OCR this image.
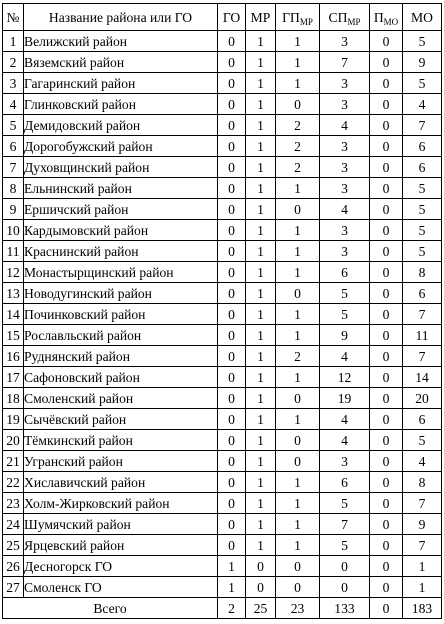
№	Название района или ГО	ГО	МР	$ГП_{МР}$	$СП_{МР}$	$П_{МО}$	МО
1	Велижский район	0	1	1	3	0	5
2	Вяземский район	0	1	1	7	0	9
3	Гагаринский район	0	1	1	3	0	5
4	Глинковский район	0	1	0	3	0	4
5	Демидовский район	0	1	2	4	0	7
6	Дорогобужский район	0	1	2	3	0	6
7	Духовщинский район	0	1	2	3	0	6
8	Ельнинский район	0	1	1	3	0	5
9	Ершичский район	0	1	0	4	0	5
10	Кардымовский район	0	1	1	3	0	5
11	Краснинский район	0	1	1	3	0	5
12	Монастырщинский район	0	1	1	6	0	8
13	Новодугинский район	0	1	0	5	0	6
14	Починковский район	0	1	1	5	0	7
15	Рославльский район	0	1	1	9	0	11
16	Руднянский район	0	1	2	4	0	7
17	Сафоновский район	0	1	1	12	0	14
18	Смоленский район	0	1	0	19	0	20
19	Сычёвский район	0	1	1	4	0	6
20	Тёмкинский район	0	1	0	4	0	5
21	Угранский район	0	1	0	3	0	4
22	Хиславичский район	0	1	1	6	0	8
23	Холм-Жирковский район	0	1	1	5	0	7
24	Шумячский район	0	1	1	7	0	9
25	Ярцевский район	0	1	1	5	0	7
26	Десногорск ГО	1	0	0	0	0	1
27	Смоленск ГО	1	0	0	0	0	1
Всего		2	25	23	133	0	183
